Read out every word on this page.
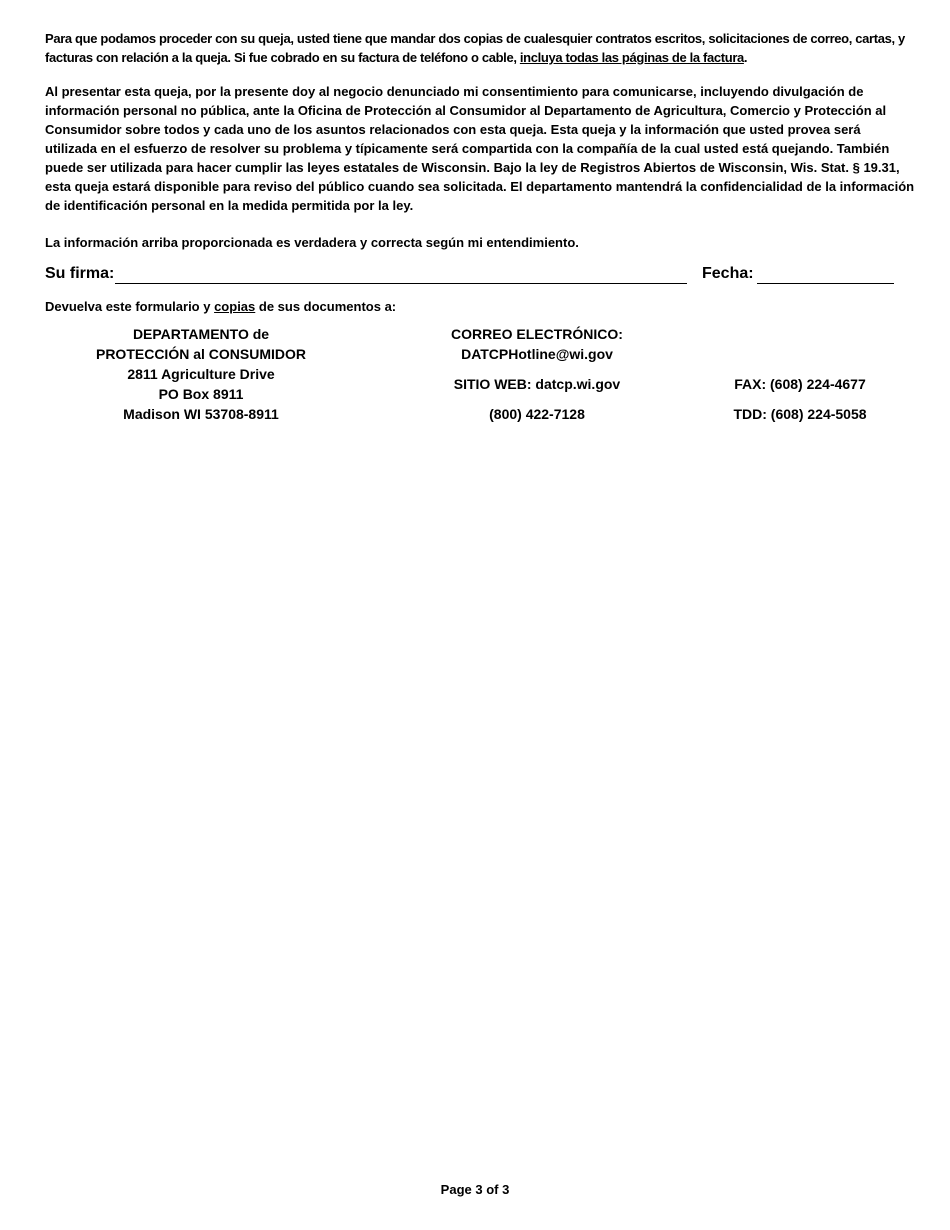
Para que podamos proceder con su queja, usted tiene que mandar dos copias de cualesquier contratos escritos, solicitaciones de correo, cartas, y facturas con relación a la queja. Si fue cobrado en su factura de teléfono o cable, incluya todas las páginas de la factura.
Al presentar esta queja, por la presente doy al negocio denunciado mi consentimiento para comunicarse, incluyendo divulgación de información personal no pública, ante la Oficina de Protección al Consumidor al Departamento de Agricultura, Comercio y Protección al Consumidor sobre todos y cada uno de los asuntos relacionados con esta queja. Esta queja y la información que usted provea será utilizada en el esfuerzo de resolver su problema y típicamente será compartida con la compañía de la cual usted está quejando. También puede ser utilizada para hacer cumplir las leyes estatales de Wisconsin. Bajo la ley de Registros Abiertos de Wisconsin, Wis. Stat. § 19.31, esta queja estará disponible para reviso del público cuando sea solicitada. El departamento mantendrá la confidencialidad de la información de identificación personal en la medida permitida por la ley.
La información arriba proporcionada es verdadera y correcta según mi entendimiento.
Su firma:	Fecha:
Devuelva este formulario y copias de sus documentos a:
DEPARTAMENTO de
PROTECCIÓN al CONSUMIDOR
2811 Agriculture Drive
PO Box 8911
Madison WI 53708-8911
CORREO ELECTRÓNICO:
DATCPHotline@wi.gov
SITIO WEB: datcp.wi.gov
(800) 422-7128
FAX: (608) 224-4677
TDD: (608) 224-5058
Page 3 of 3
